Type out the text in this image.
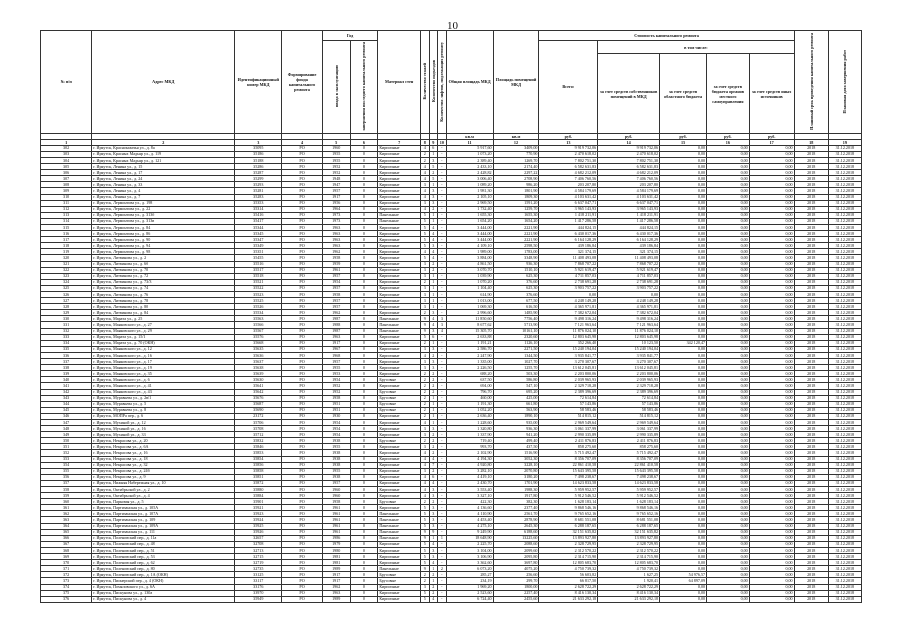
10
№ п/п	Адрес МКД	Идентификационный номер МКД	Формирование фонда капитального ремонта	Год		Материал стен	Количество этажей	Количество подъездов	Количество лифтов, подлежащих ремонту	Общая площадь МКД	Площадь помещений МКД	Стоимость капитального ремонта					Плановый срок проведения капитального ремонта	Плановая дата завершения работ
				ввода в эксплуатацию	завершения последнего капитального ремонта							Всего:	в том числе:					
													за счет средств собственников помещений в МКД	за счет средств областного бюджета	за счет средств бюджета органов местного самоуправления	за счет средств иных источников		
										кв.м	кв.м	руб.	руб.	руб.	руб.	руб.		
1	2	3	4	5	6	7	8	9	10	11	12	13	14	15	16	17	18	19
302	г. Иркутск, Красноказачья ул., д. 8а	35095	РО	1960	0	Кирпичные	4	6	-	5 917,60	3409,00	9 919 732,06	9 919 732,06	0,00	0,00	0,00	2018	31.12.2018
303	г. Иркутск, Красных Мадьяр ул., д. 119	35186	РО	1955	0	Кирпичные	2	1	-	1 073,20	770,90	2 470 618,02	2 470 618,02	0,00	0,00	0,00	2018	31.12.2018
304	г. Иркутск, Красных Мадьяр ул., д. 121	35188	РО	1955	0	Кирпичные	2	3	-	2 389,40	1269,70	7 802 751,30	7 802 751,30	0,00	0,00	0,00	2018	31.12.2018
305	г. Иркутск, Ленина ул., д. 15	35286	РО	1952	0	Кирпичные	4	5	-	2 433,10	2174,40	6 582 631,83	6 582 631,83	0,00	0,00	0,00	2018	31.12.2018
306	г. Иркутск, Ленина ул., д. 17	35287	РО	1952	0	Кирпичные	4	2	-	2 428,82	2297,22	4 682 212,09	4 682 212,09	0,00	0,00	0,00	2018	31.12.2018
307	г. Иркутск, Ленина ул., д. 24	35299	РО	1948	0	Кирпичные	4	5	-	3 006,40	2708,90	7 406 760,56	7 406 760,56	0,00	0,00	0,00	2018	31.12.2018
308	г. Иркутск, Ленина ул., д. 33	35293	РО	1947	0	Кирпичные	3	1	-	1 089,20	986,20	203 207,80	203 207,80	0,00	0,00	0,00	2018	31.12.2018
309	г. Иркутск, Ленина ул., д. 4	35281	РО	1957	0	Кирпичные	4	3	-	1 981,30	1801,90	4 584 179,69	4 584 179,69	0,00	0,00	0,00	2018	31.12.2018
310	г. Иркутск, Ленина ул., д. 7	35283	РО	1917	0	Кирпичные	4	3	-	2 105,10	1809,30	4 103 631,42	4 103 631,42	0,00	0,00	0,00	2018	31.12.2018
311	г. Иркутск, Лермонтова ул., д. 198	35353	РО	1956	0	Кирпичные	3	3	-	2 969,50	1591,20	6 637 047,71	6 637 047,71	0,00	0,00	0,00	2018	31.12.2018
312	г. Иркутск, Лермонтова ул., д. 22	35314	РО	1964	0	Кирпичные	4	2	-	1 732,40	1259,70	3 965 143,93	3 965 143,93	0,00	0,00	0,00	2018	31.12.2018
313	г. Иркутск, Лермонтова ул., д. 313б	35416	РО	1973	0	Панельные	5	1	-	1 655,30	1655,30	1 418 211,91	1 418 211,91	0,00	0,00	0,00	2018	31.12.2018
314	г. Иркутск, Лермонтова ул., д. 313в	35417	РО	1973	0	Панельные	5	1	-	1 654,20	1654,20	1 417 286,58	1 417 286,58	0,00	0,00	0,00	2018	31.12.2018
315	г. Иркутск, Лермонтова ул., д. 84	35344	РО	1963	0	Кирпичные	5	4	-	3 444,00	2221,90	444 824,15	444 824,15	0,00	0,00	0,00	2018	31.12.2018
316	г. Иркутск, Лермонтова ул., д. 86	35345	РО	1963	0	Кирпичные	5	4	-	3 444,00	2221,90	6 430 017,36	6 430 017,36	0,00	0,00	0,00	2018	31.12.2018
317	г. Иркутск, Лермонтова ул., д. 90	35347	РО	1963	0	Кирпичные	5	4	-	3 444,00	2221,90	6 164 128,29	6 164 128,29	0,00	0,00	0,00	2018	31.12.2018
318	г. Иркутск, Лермонтова ул., д. 94	35349	РО	1963	0	Кирпичные	5	3	-	4 109,10	2598,50	439 186,84	439 186,84	0,00	0,00	0,00	2018	31.12.2018
319	г. Иркутск, Лермонтова ул., д. 98	35351	РО	1962	0	Кирпичные	4	4	-	1 989,00	1783,00	321 374,15	321 374,15	0,00	0,00	0,00	2018	31.12.2018
320	г. Иркутск, Литвинова ул., д. 2	35455	РО	1958	0	Кирпичные	5	4	-	3 884,00	3348,90	11 408 493,08	11 408 493,08	0,00	0,00	0,00	2018	31.12.2018
321	г. Иркутск, Литвинова ул., д. 6б	35516	РО	1959	0	Кирпичные	3	2	-	4 861,50	936,30	7 868 707,22	7 868 707,22	0,00	0,00	0,00	2018	31.12.2018
322	г. Иркутск, Литвинова ул., д. 70	35517	РО	1961	0	Кирпичные	3	2	-	3 070,70	1510,10	5 921 619,47	5 921 619,47	0,00	0,00	0,00	2018	31.12.2018
323	г. Иркутск, Литвинова ул., д. 72	35518	РО	1957	0	Кирпичные	3	1	-	1 039,90	625,30	4 711 857,03	4 711 857,03	0,00	0,00	0,00	2018	31.12.2018
324	г. Иркутск, Литвинова ул., д. 73/3	35521	РО	1954	0	Кирпичные	2	1	-	1 070,20	376,60	2 738 691,28	2 738 691,28	0,00	0,00	0,00	2018	31.12.2018
325	г. Иркутск, Литвинова ул., д. 74	35522	РО	1957	0	Кирпичные	3	1	-	1 104,40	625,30	3 903 757,22	3 903 757,22	0,00	0,00	0,00	2018	31.12.2018
326	г. Иркутск, Литвинова ул., д. 76	35523	РО	1958	0	Кирпичные	3	1	-	614,90	376,60	0,00	0,00	0,00	0,00	0,00	2018	31.12.2018
327	г. Иркутск, Литвинова ул., д. 78	35525	РО	1957	0	Кирпичные	3	1	-	1 013,00	677,50	4 248 149,28	4 248 149,28	0,00	0,00	0,00	2018	31.12.2018
328	г. Иркутск, Литвинова ул., д. 80	35526	РО	1957	0	Кирпичные	3	1	-	1 069,30	616,50	4 365 971,81	4 365 971,81	0,00	0,00	0,00	2018	31.12.2018
329	г. Иркутск, Литвинова ул., д. 84	35534	РО	1962	0	Кирпичные	2	3	-	2 996,60	1485,90	7 382 672,04	7 382 672,04	0,00	0,00	0,00	2018	31.12.2018
330	г. Иркутск, Марата ул., д. 25	35563	РО	1987	0	Панельные	9	4	3	11 850,60	7756,40	9 498 316,24	9 498 316,24	0,00	0,00	0,00	2018	31.12.2018
331	г. Иркутск, Маяковского ул., д. 27	35566	РО	1988	0	Панельные	9	4	3	8 677,62	5713,90	7 121 963,64	7 121 963,64	0,00	0,00	0,00	2018	31.12.2018
332	г. Иркутск, Маяковского ул., д. 29	35567	РО	1987	0	Панельные	9	3	4	15 305,70	10161,10	11 876 024,10	11 876 024,10	0,00	0,00	0,00	2018	31.12.2018
333	г. Иркутск, Марата ул., д. 15/1	35576	РО	1963	0	Кирпичные	5	6	-	2 633,88	2320,60	12 803 645,98	12 803 645,98	0,00	0,00	0,00	2018	31.12.2018
334	г. Иркутск, Марата ул., д. 70 (ОКН)	35668	РО	1917	0	Кирпичные	2	1	-	1 191,21	1126,10	352 266,40	10 123,50	342 120,47	0,00	0,00	2018	31.12.2018
335	г. Иркутск, Маяковского ул., д. 12	35635	РО	1967	0	Кирпичные	3	3	-	2 586,70	2271,50	15 240 194,04	15 240 194,04	0,00	0,00	0,00	2018	31.12.2018
336	г. Иркутск, Маяковского ул., д. 16	35636	РО	1968	0	Кирпичные	4	2	-	2 247,90	1344,50	3 935 841,77	3 935 841,77	0,00	0,00	0,00	2018	31.12.2018
337	г. Иркутск, Маяковского ул., д. 17	35637	РО	1957	0	Кирпичные	3	3	-	1 335,00	1027,70	3 270 307,67	3 270 307,67	0,00	0,00	0,00	2018	31.12.2018
338	г. Иркутск, Маяковского ул., д. 19	35638	РО	1955	0	Кирпичные	3	3	-	2 226,50	1255,70	13 612 045,81	13 612 045,81	0,00	0,00	0,00	2018	31.12.2018
339	г. Иркутск, Маяковского ул., д. 35	35639	РО	1953	0	Кирпичные	2	2	-	688,20	503,30	2 203 800,06	2 203 800,06	0,00	0,00	0,00	2018	31.12.2018
340	г. Иркутск, Маяковского ул., д. 6	35630	РО	1954	0	Брусовые	2	2	-	637,50	586,80	2 039 965,93	2 039 965,93	0,00	0,00	0,00	2018	31.12.2018
341	г. Иркутск, Маяковского ул., д. 41	35641	РО	1952	0	Кирпичные	2	2	-	694,00	547,10	2 329 718,28	2 329 718,28	0,00	0,00	0,00	2018	31.12.2018
342	г. Иркутск, Маяковского ул., д. 43	35642	РО	1952	0	Брусовые	2	2	-	796,70	695,20	2 389 396,69	2 389 396,69	0,00	0,00	0,00	2018	31.12.2018
343	г. Иркутск, Муравьева ул., д. 2в/1	35676	РО	1958	0	Брусовые	2	1	-	460,00	425,00	72 614,84	72 614,84	0,00	0,00	0,00	2018	31.12.2018
344	г. Иркутск, Муравьева ул., д. 5	35687	РО	1951	0	Брусовые	2	1	-	1 191,30	661,80	57 143,86	57 143,86	0,00	0,00	0,00	2018	31.12.2018
345	г. Иркутск, Муравьева ул., д. 8	35690	РО	1951	0	Брусовые	2	1	-	1 052,20	563,90	58 583,46	58 583,46	0,00	0,00	0,00	2018	31.12.2018
346	г. Иркутск, МОПРа пер., д. 6	23172	РО	1930	0	Кирпичные	2	1	-	2 636,40	1890,10	514 815,12	514 815,12	0,00	0,00	0,00	2018	31.12.2018
347	г. Иркутск, Мухиной ул., д. 12	35706	РО	1954	0	Кирпичные	4	1	-	1 228,60	935,00	2 969 549,64	2 969 549,64	0,00	0,00	0,00	2018	31.12.2018
348	г. Иркутск, Мухиной ул., д. 16	35708	РО	1954	0	Кирпичные	3	3	-	1 320,80	936,30	3 061 337,99	3 061 337,99	0,00	0,00	0,00	2018	31.12.2018
349	г. Иркутск, Мухиной ул., д. 33	35712	РО	1954	0	Кирпичные	3	2	-	1 337,90	941,20	2 990 335,89	2 990 335,89	0,00	0,00	0,00	2018	31.12.2018
350	г. Иркутск, Некрасова ул., д. 20	35832	РО	1938	0	Брусовые	2	2	-	719,40	499,40	2 411 876,83	2 411 876,83	0,00	0,00	0,00	2018	31.12.2018
351	г. Иркутск, Некрасова ул., д. 6А	35846	РО	1955	0	Кирпичные	3	2	-	993,70	437,50	858 275,60	858 275,60	0,00	0,00	0,00	2018	31.12.2018
352	г. Иркутск, Некрасова ул., д. 16	35853	РО	1938	0	Кирпичные	4	2	-	2 102,90	1516,90	5 715 492,47	5 715 492,47	0,00	0,00	0,00	2018	31.12.2018
353	г. Иркутск, Некрасова ул., д. 18	35854	РО	1938	0	Кирпичные	4	4	-	4 194,30	3052,30	8 356 707,09	8 356 707,09	0,00	0,00	0,00	2018	31.12.2018
354	г. Иркутск, Некрасова ул., д. 32	35856	РО	1938	0	Кирпичные	4	7	-	4 920,80	3228,10	22 861 410,58	22 861 410,58	0,00	0,00	0,00	2018	31.12.2018
355	г. Иркутск, Некрасова ул., д. 24б	35858	РО	1955	0	Кирпичные	3	2	-	3 282,10	2070,80	15 643 395,58	15 643 395,58	0,00	0,00	0,00	2018	31.12.2018
356	г. Иркутск, Некрасова ул., д. 9	35851	РО	1938	0	Кирпичные	4	6	-	4 419,10	3180,20	7 498 238,67	7 498 238,67	0,00	0,00	0,00	2018	31.12.2018
357	г. Иркутск, Нижняя Набережная ул., д. 10	35872	РО	1957	0	Кирпичные	4	4	-	2 430,70	1701,90	14 623 833,58	14 623 833,58	0,00	0,00	0,00	2018	31.12.2018
358	г. Иркутск, Октябрьской ул., д. 2	35880	РО	1960	0	Кирпичные	4	3	-	3 553,40	1988,30	5 959 952,57	5 959 952,57	0,00	0,00	0,00	2018	31.12.2018
359	г. Иркутск, Октябрьской ул., д. 4	35884	РО	1960	0	Кирпичные	4	3	-	3 327,10	1917,80	5 912 546,52	5 912 546,52	0,00	0,00	0,00	2018	31.12.2018
360	г. Иркутск, Парковая ул., д. 5	35901	РО	1958	0	Брусовые	2	2	-	422,30	382,30	1 628 183,14	1 628 183,14	0,00	0,00	0,00	2018	31.12.2018
361	г. Иркутск, Партизанская ул., д. 105А	35921	РО	1961	0	Кирпичные	5	3	-	4 136,60	2377,40	9 868 546,16	9 868 546,16	0,00	0,00	0,00	2018	31.12.2018
362	г. Иркутск, Партизанская ул., д. 107А	35923	РО	1961	0	Панельные	5	3	-	4 110,90	2561,70	9 765 652,16	9 765 652,16	0,00	0,00	0,00	2018	31.12.2018
363	г. Иркутск, Партизанская ул., д. 109	35924	РО	1961	0	Панельные	5	3	-	4 453,40	2878,90	8 681 551,08	8 681 551,08	0,00	0,00	0,00	2018	31.12.2018
364	г. Иркутск, Партизанская ул., д. 109А	35925	РО	1961	0	Панельные	5	3	-	4 275,10	2645,30	6 288 187,65	6 288 187,65	0,00	0,00	0,00	2018	31.12.2018
365	г. Иркутск, Партизанская ул., д. 111	35926	РО	1961	0	Панельные	9	9	-	9 249,90	6188,60	32 151 635,82	32 151 635,82	0,00	0,00	0,00	2018	31.12.2018
366	г. Иркутск, Поленовский пер., д. 11а	32657	РО	1986	0	Панельные	9	1	1	18 648,90	13225,60	13 893 927,80	13 893 927,80	0,00	0,00	0,00	2018	31.12.2018
367	г. Иркутск, Поленовский пер., д. 48	32708	РО	1979	0	Кирпичные	5	4	-	2 225,70	2088,60	2 328 729,95	2 328 729,95	0,00	0,00	0,00	2018	31.12.2018
368	г. Иркутск, Поленовский пер., д. 51	32713	РО	1980	0	Кирпичные	5	3	-	3 104,00	2099,60	2 312 570,22	2 312 570,22	0,00	0,00	0,00	2018	31.12.2018
369	г. Иркутск, Поленовский пер., д. 53	32715	РО	1981	0	Кирпичные	5	3	-	3 106,90	2095,80	2 314 715,90	2 314 715,90	0,00	0,00	0,00	2018	31.12.2018
370	г. Иркутск, Поленовский пер., д. 62	32719	РО	1981	0	Кирпичные	5	4	-	3 362,60	3697,80	12 805 683,70	12 805 683,70	0,00	0,00	0,00	2018	31.12.2018
371	г. Иркутск, Поленовский пер., д. 80	32735	РО	1989	0	Панельные	9	1	2	6 073,20	4075,20	4 750 739,32	4 750 739,32	0,00	0,00	0,00	2018	31.12.2018
372	г. Иркутск, Поленовский пер., д. 1А (ОКН)	33125	РО	1917	0	Брусовые	2	2	-	285,27	256,60	56 603,82	1 627,25	54 976,57	0,00	0,00	2018	31.12.2018
373	г. Иркутск, Пионерский пер., д. 4 (ОКН)	33117	РО	1917	0	Брусовые	2	1	-	234,19	299,70	66 817,50	1 920,41	64 897,09	0,00	0,00	2018	31.12.2018
374	г. Иркутск, Помяловского ул., д. 6А	33176	РО	1962	0	Кирпичные	3	2	-	1 969,20	1800,00	2 628 722,29	2 628 722,29	0,00	0,00	0,00	2018	31.12.2018
375	г. Иркутск, Пискунова ул., д. 130а	33970	РО	1963	0	Кирпичные	5	2	-	2 523,60	2257,40	8 416 130,34	8 416 130,34	0,00	0,00	0,00	2018	31.12.2018
376	г. Иркутск, Пискунова ул., д. 4	35949	РО	1989	0	Кирпичные	5	4	-	6 724,40	2455,60	21 633 292,18	21 633 292,18	0,00	0,00	0,00	2018	31.12.2018
